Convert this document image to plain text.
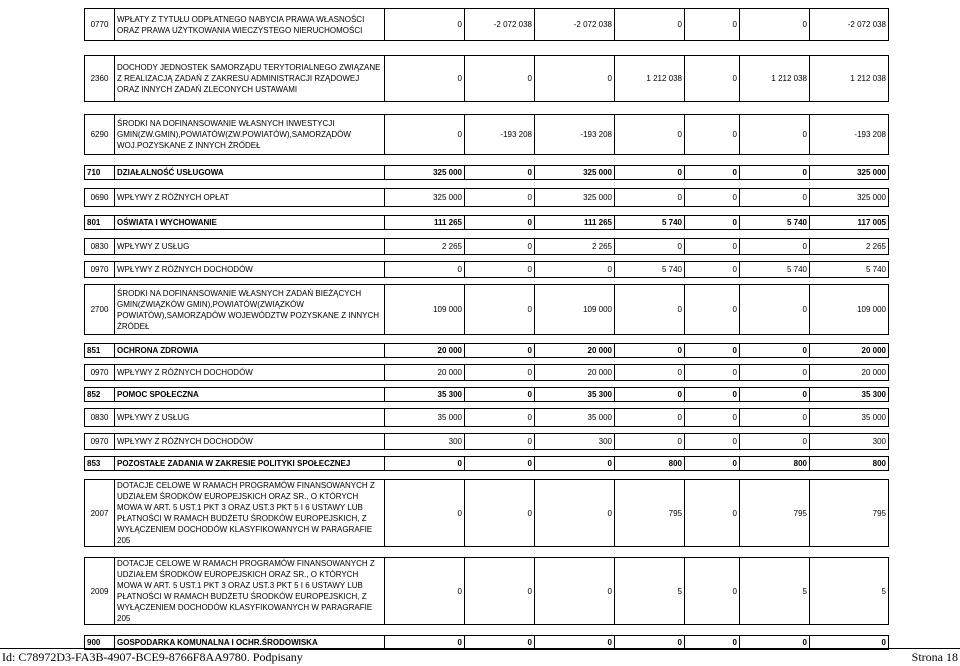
0770	WPŁATY Z TYTUŁU ODPŁATNEGO NABYCIA PRAWA WŁASNOŚCI ORAZ PRAWA UŻYTKOWANIA WIECZYSTEGO NIERUCHOMOŚCI	0	-2 072 038	-2 072 038	0	0	0	-2 072 038

2360	DOCHODY JEDNOSTEK SAMORZĄDU TERYTORIALNEGO ZWIĄZANE Z REALIZACJĄ ZADAŃ Z ZAKRESU ADMINISTRACJI RZĄDOWEJ ORAZ INNYCH ZADAŃ ZLECONYCH USTAWAMI	0	0	0	1 212 038	0	1 212 038	1 212 038

6290	ŚRODKI NA DOFINANSOWANIE WŁASNYCH INWESTYCJI GMIN(ZW.GMIN),POWIATÓW(ZW.POWIATÓW),SAMORZĄDÓW WOJ.POZYSKANE Z INNYCH ŹRÓDEŁ	0	-193 208	-193 208	0	0	0	-193 208

710	DZIAŁALNOŚĆ USŁUGOWA	325 000	0	325 000	0	0	0	325 000

0690	WPŁYWY Z RÓŻNYCH OPŁAT	325 000	0	325 000	0	0	0	325 000

801	OŚWIATA I WYCHOWANIE	111 265	0	111 265	5 740	0	5 740	117 005

0830	WPŁYWY Z USŁUG	2 265	0	2 265	0	0	0	2 265

0970	WPŁYWY Z RÓŻNYCH DOCHODÓW	0	0	0	5 740	0	5 740	5 740

2700	ŚRODKI NA DOFINANSOWANIE WŁASNYCH ZADAŃ BIEŻĄCYCH GMIN(ZWIĄZKÓW GMIN),POWIATÓW(ZWIĄZKÓW POWIATÓW),SAMORZĄDÓW WOJEWÓDZTW POZYSKANE Z INNYCH ŹRÓDEŁ	109 000	0	109 000	0	0	0	109 000

851	OCHRONA ZDROWIA	20 000	0	20 000	0	0	0	20 000

0970	WPŁYWY Z RÓŻNYCH DOCHODÓW	20 000	0	20 000	0	0	0	20 000

852	POMOC SPOŁECZNA	35 300	0	35 300	0	0	0	35 300

0830	WPŁYWY Z USŁUG	35 000	0	35 000	0	0	0	35 000

0970	WPŁYWY Z RÓŻNYCH DOCHODÓW	300	0	300	0	0	0	300

853	POZOSTAŁE ZADANIA W ZAKRESIE POLITYKI SPOŁECZNEJ	0	0	0	800	0	800	800

2007	DOTACJE CELOWE W RAMACH PROGRAMÓW FINANSOWANYCH Z UDZIAŁEM ŚRODKÓW EUROPEJSKICH ORAZ SR., O KTÓRYCH MOWA W ART. 5 UST.1 PKT 3 ORAZ UST.3 PKT 5 I 6 USTAWY LUB PŁATNOŚCI W RAMACH BUDŻETU ŚRODKÓW EUROPEJSKICH, Z WYŁĄCZENIEM DOCHODÓW KLASYFIKOWANYCH W PARAGRAFIE 205	0	0	0	795	0	795	795

2009	DOTACJE CELOWE W RAMACH PROGRAMÓW FINANSOWANYCH Z UDZIAŁEM ŚRODKÓW EUROPEJSKICH ORAZ SR., O KTÓRYCH MOWA W ART. 5 UST.1 PKT 3 ORAZ UST.3 PKT 5 I 6 USTAWY LUB PŁATNOŚCI W RAMACH BUDŻETU ŚRODKÓW EUROPEJSKICH, Z WYŁĄCZENIEM DOCHODÓW KLASYFIKOWANYCH W PARAGRAFIE 205	0	0	0	5	0	5	5

900	GOSPODARKA KOMUNALNA I OCHR.ŚRODOWISKA	0	0	0	0	0	0	0
Id: C78972D3-FA3B-4907-BCE9-8766F8AA9780. Podpisany	Strona 18
